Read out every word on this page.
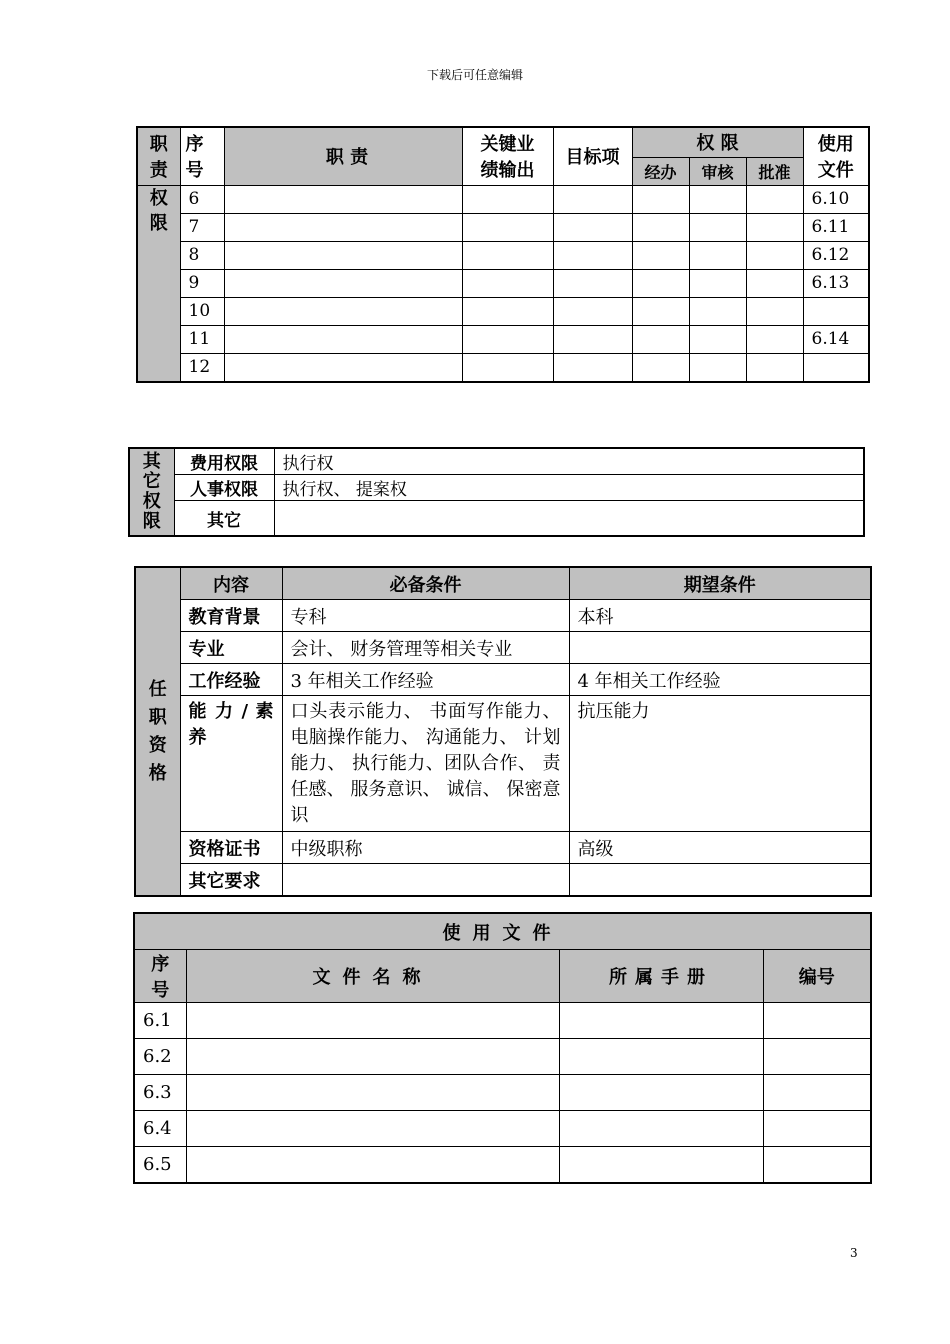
下载后可任意编辑
职责	序号	职 责	关键业绩输出	目标项	权 限			使用文件
					经办	审核	批准	
权限	6							6.10
	7							6.11
	8							6.12
	9							6.13
	10							
	11							6.14
	12							
其它权限	费用权限	执行权
	人事权限	执行权、 提案权
	其它	
任职资格	内容	必备条件	期望条件
	教育背景	专科	本科
	专业	会计、 财务管理等相关专业	
	工作经验	3 年相关工作经验	4 年相关工作经验
	能 力 / 素 养	口头表示能力、 书面写作能力、 电脑操作能力、 沟通能力、 计划能力、 执行能力、团队合作、 责任感、 服务意识、 诚信、 保密意识	抗压能力
	资格证书	中级职称	高级
	其它要求		
使用文件			
序号	文件名称	所属手册	编号
6.1			
6.2			
6.3			
6.4			
6.5			
3
